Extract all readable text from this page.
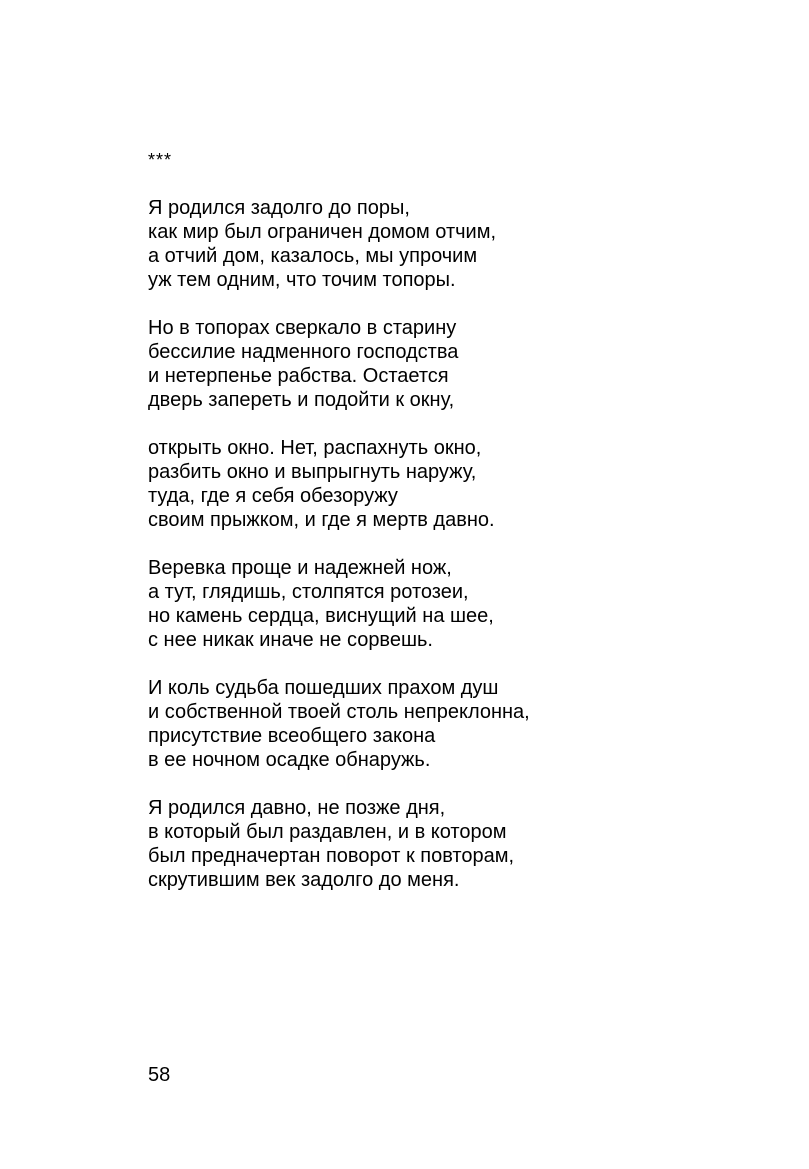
***
Я родился задолго до поры,
как мир был ограничен домом отчим,
а отчий дом, казалось, мы упрочим
уж тем одним, что точим топоры.
Но в топорах сверкало в старину
бессилие надменного господства
и нетерпенье рабства. Остается
дверь запереть и подойти к окну,
открыть окно. Нет, распахнуть окно,
разбить окно и выпрыгнуть наружу,
туда, где я себя обезоружу
своим прыжком, и где я мертв давно.
Веревка проще и надежней нож,
а тут, глядишь, столпятся ротозеи,
но камень сердца, виснущий на шее,
с нее никак иначе не сорвешь.
И коль судьба пошедших прахом душ
и собственной твоей столь непреклонна,
присутствие всеобщего закона
в ее ночном осадке обнаружь.
Я родился давно, не позже дня,
в который был раздавлен, и в котором
был предначертан поворот к повторам,
скрутившим век задолго до меня.
58
